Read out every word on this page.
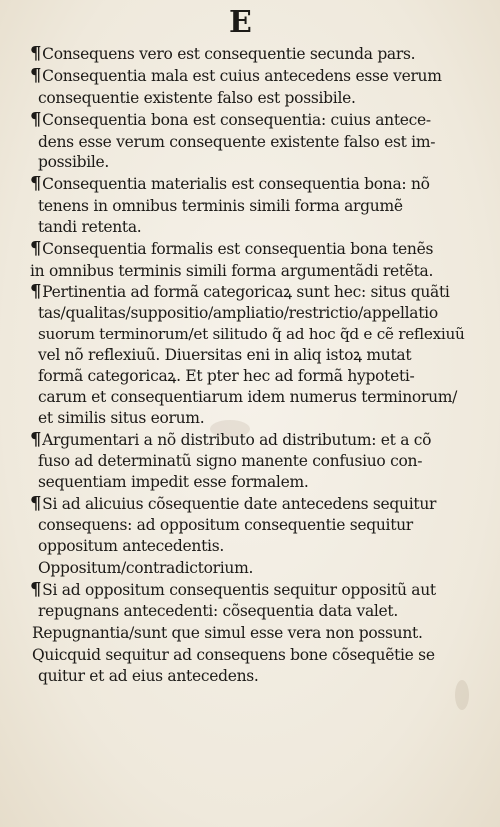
E
¶Consequens vero est consequentie secunda pars.
¶Consequentia mala est cuius antecedens esse verum
consequentie existente falso est possibile.
¶Consequentia bona est consequentia: cuius antece-
dens esse verum consequente existente falso est im-
possibile.
¶Consequentia materialis est consequentia bona: nõ
tenens in omnibus terminis simili forma argumẽ
tandi retenta.
¶Consequentia formalis est consequentia bona tenẽs
in omnibus terminis simili forma argumentãdi retẽta.
¶Pertinentia ad formã categoricaꝝ sunt hec: situs quãti
tas/qualitas/suppositio/ampliatio/restrictio/appellatio
suorum terminorum/et silitudo q̃ ad hoc q̃d e cẽ reflexiuũ
vel nõ reflexiuũ. Diuersitas eni in aliq istoꝝ mutat
formã categoricaꝝ. Et pter hec ad formã hypoteti-
carum et consequentiarum idem numerus terminorum/
et similis situs eorum.
¶Argumentari a nõ distributo ad distributum: et a cõ
fuso ad determinatũ signo manente confusiuo con-
sequentiam impedit esse formalem.
¶Si ad alicuius cõsequentie date antecedens sequitur
consequens: ad oppositum consequentie sequitur
oppositum antecedentis.
Oppositum/contradictorium.
¶Si ad oppositum consequentis sequitur oppositũ aut
repugnans antecedenti: cõsequentia data valet.
Repugnantia/sunt que simul esse vera non possunt.
Quicquid sequitur ad consequens bone cõsequẽtie se
quitur et ad eius antecedens.
